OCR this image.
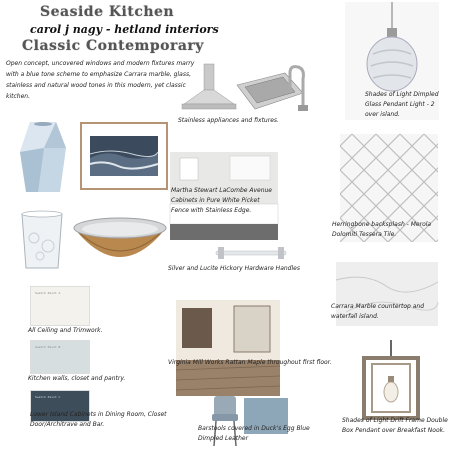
Seaside Kitchen
carol j nagy - hetland interiors
Classic Contemporary
Open concept, uncovered windows and modern fixtures marry with a blue tone scheme to emphasize Carrara marble, glass, stainless and natural wood tones in this modern, yet classic kitchen.
Stainless appliances and fixtures.
Shades of Light Dimpled Glass Pendant Light - 2 over island.
Martha Stewart LaCombe Avenue Cabinets in Pure White Picket Fence with Stainless Edge.
Herringbone backsplash - Merola Dolomiti Tessera Tile.
Silver and Lucite Hickory Hardware Handles
Carrara Marble countertop and waterfall island.
Swatch Paint A
All Ceiling and Trimwork.
Swatch Paint B
Kitchen walls, closet and pantry.
Swatch Paint C
Lower Island Cabinets in Dining Room, Closet Door/Architrave and Bar.
Virginia Mill Works Rattan Maple throughout first floor.
Barstools covered in Duck's Egg Blue Dimpled Leather
Shades of Light Drift Frame Double Box Pendant over Breakfast Nook.
